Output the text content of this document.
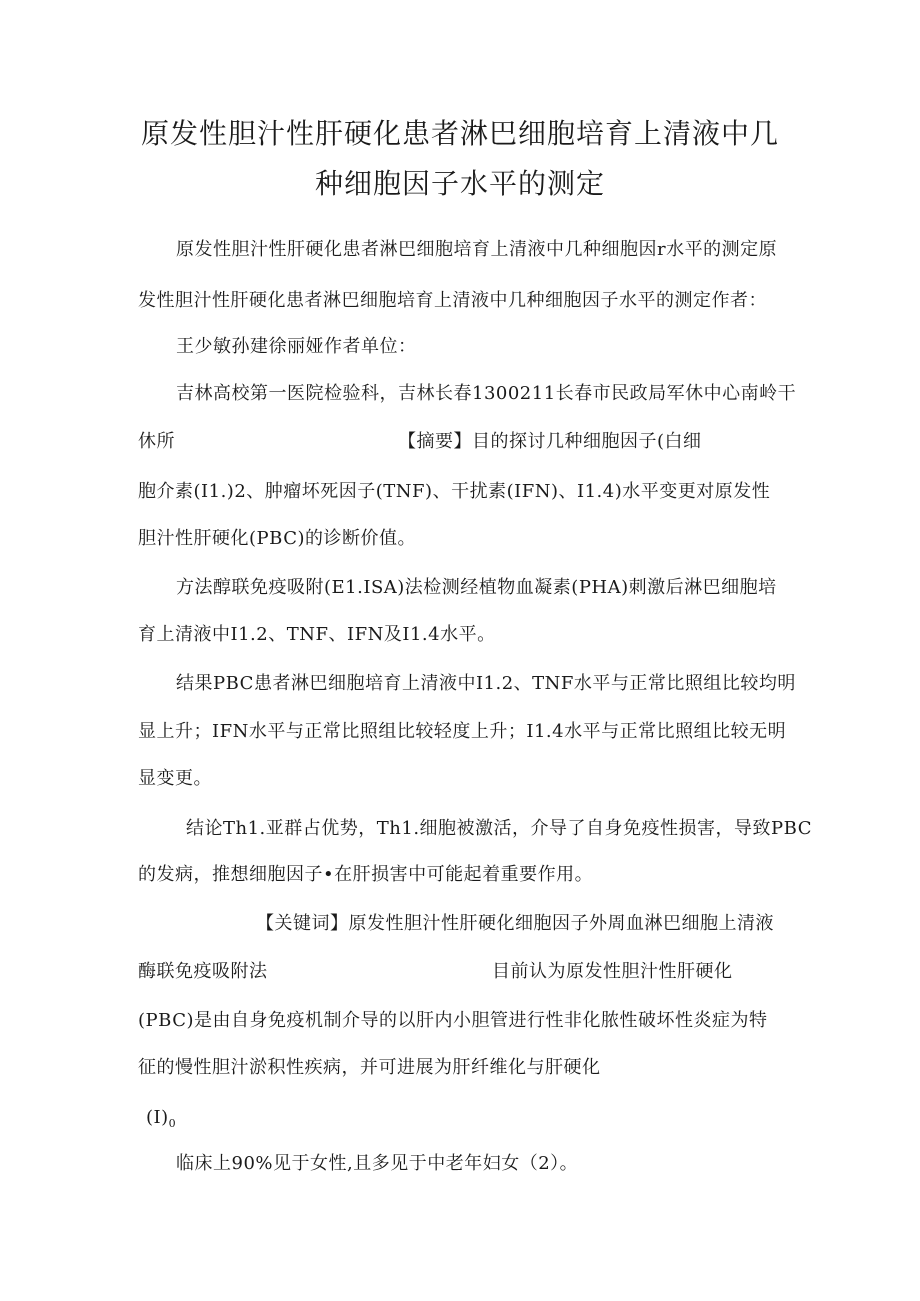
原发性胆汁性肝硬化患者淋巴细胞培育上清液中几
种细胞因子水平的测定
原发性胆汁性肝硬化患者淋巴细胞培育上清液中几种细胞因r水平的测定原
发性胆汁性肝硬化患者淋巴细胞培育上清液中几种细胞因子水平的测定作者：
王少敏孙建徐丽娅作者单位：
吉林高校第一医院检验科，吉林长春1300211长春市民政局军休中心南岭干
休所	【摘要】目的探讨几种细胞因子(白细
胞介素(I1.)2、肿瘤坏死因子(TNF)、干扰素(IFN)、I1.4)水平变更对原发性
胆汁性肝硬化(PBC)的诊断价值。
方法醇联免疫吸附(E1.ISA)法检测经植物血凝素(PHA)刺激后淋巴细胞培
育上清液中I1.2、TNF、IFN及I1.4水平。
结果PBC患者淋巴细胞培育上清液中I1.2、TNF水平与正常比照组比较均明
显上升；IFN水平与正常比照组比较轻度上升；I1.4水平与正常比照组比较无明
显变更。
结论Th1.亚群占优势，Th1.细胞被激活，介导了自身免疫性损害，导致PBC
的发病，推想细胞因子•在肝损害中可能起着重要作用。
【关键词】原发性胆汁性肝硬化细胞因子外周血淋巴细胞上清液
酶联免疫吸附法	目前认为原发性胆汁性肝硬化
(PBC)是由自身免疫机制介导的以肝内小胆管进行性非化脓性破坏性炎症为特
征的慢性胆汁淤积性疾病，并可进展为肝纤维化与肝硬化
$(I)_0$
临床上90%见于女性,且多见于中老年妇女（2）。
